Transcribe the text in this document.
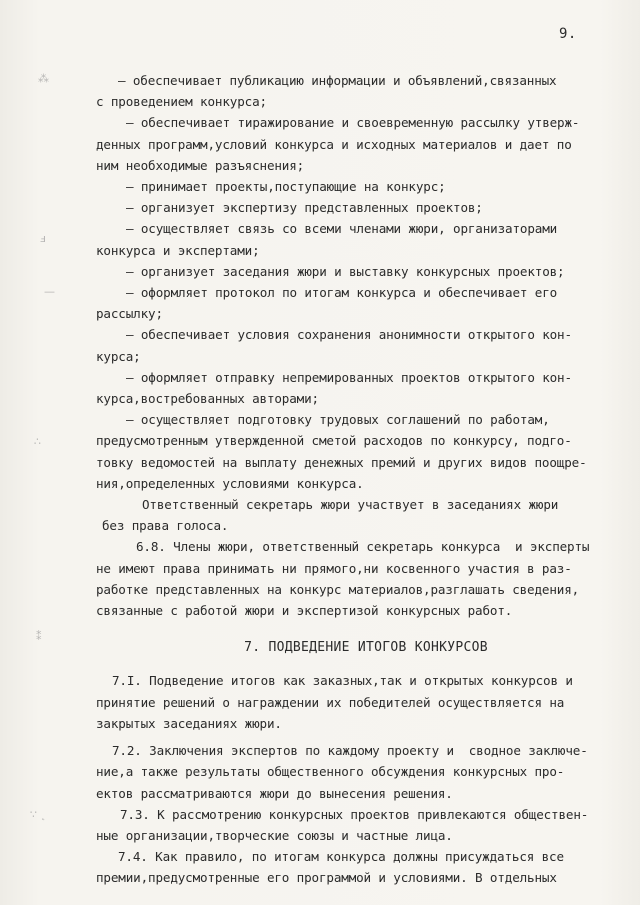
9.
⁂
ⅎ
—
∴
⁑
∵ ˛
– обеспечивает публикацию информации и объявлений,связанных
с проведением конкурса;
– обеспечивает тиражирование и своевременную рассылку утверж-
денных программ,условий конкурса и исходных материалов и дает по
ним необходимые разъяснения;
– принимает проекты,поступающие на конкурс;
– организует экспертизу представленных проектов;
– осуществляет связь со всеми членами жюри, организаторами
конкурса и экспертами;
– организует заседания жюри и выставку конкурсных проектов;
– оформляет протокол по итогам конкурса и обеспечивает его
рассылку;
– обеспечивает условия сохранения анонимности открытого кон-
курса;
– оформляет отправку непремированных проектов открытого кон-
курса,востребованных авторами;
– осуществляет подготовку трудовых соглашений по работам,
предусмотренным утвержденной сметой расходов по конкурсу, подго-
товку ведомостей на выплату денежных премий и других видов поощре-
ния,определенных условиями конкурса.
Ответственный секретарь жюри участвует в заседаниях жюри
без права голоса.
6.8. Члены жюри, ответственный секретарь конкурса  и эксперты
не имеют права принимать ни прямого,ни косвенного участия в раз-
работке представленных на конкурс материалов,разглашать сведения,
связанные с работой жюри и экспертизой конкурсных работ.
7. ПОДВЕДЕНИЕ ИТОГОВ КОНКУРСОВ
7.I. Подведение итогов как заказных,так и открытых конкурсов и
принятие решений о награждении их победителей осуществляется на
закрытых заседаниях жюри.
7.2. Заключения экспертов по каждому проекту и  сводное заключе-
ние,а также результаты общественного обсуждения конкурсных про-
ектов рассматриваются жюри до вынесения решения.
7.3. К рассмотрению конкурсных проектов привлекаются обществен-
ные организации,творческие союзы и частные лица.
7.4. Как правило, по итогам конкурса должны присуждаться все
премии,предусмотренные его программой и условиями. В отдельных
